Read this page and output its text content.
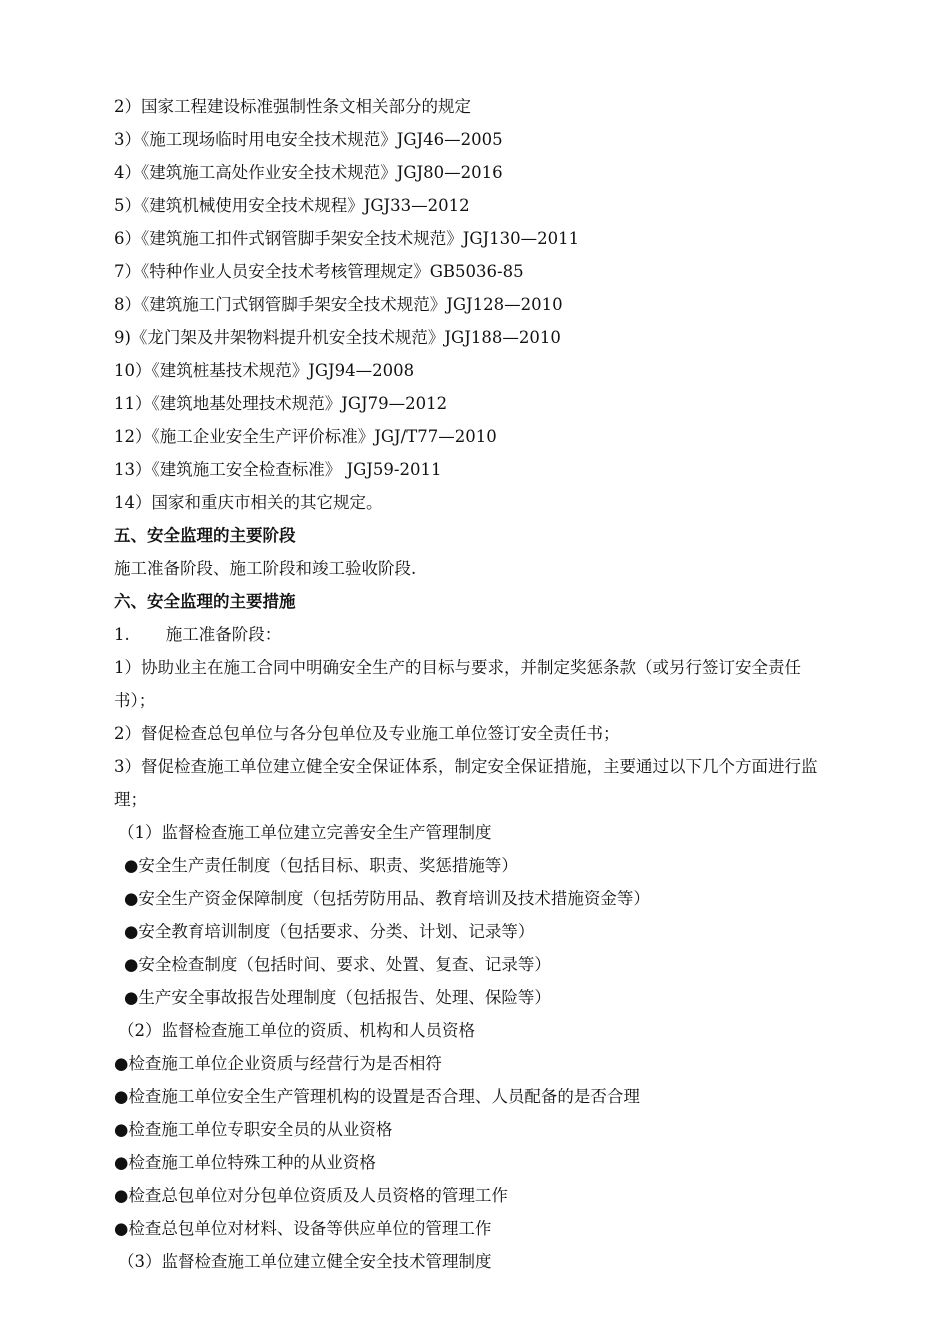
2）国家工程建设标准强制性条文相关部分的规定
3）《施工现场临时用电安全技术规范》JGJ46—2005
4）《建筑施工高处作业安全技术规范》JGJ80—2016
5）《建筑机械使用安全技术规程》JGJ33—2012
6）《建筑施工扣件式钢管脚手架安全技术规范》JGJ130—2011
7）《特种作业人员安全技术考核管理规定》GB5036-85
8）《建筑施工门式钢管脚手架安全技术规范》JGJ128—2010
9)《龙门架及井架物料提升机安全技术规范》JGJ188—2010
10）《建筑桩基技术规范》JGJ94—2008
11）《建筑地基处理技术规范》JGJ79—2012
12）《施工企业安全生产评价标准》JGJ/T77—2010
13）《建筑施工安全检查标准》 JGJ59-2011
14）国家和重庆市相关的其它规定。
五、安全监理的主要阶段
施工准备阶段、施工阶段和竣工验收阶段.
六、安全监理的主要措施
1. 施工准备阶段：
1）协助业主在施工合同中明确安全生产的目标与要求，并制定奖惩条款（或另行签订安全责任书）；
2）督促检查总包单位与各分包单位及专业施工单位签订安全责任书；
3）督促检查施工单位建立健全安全保证体系，制定安全保证措施，主要通过以下几个方面进行监理；
（1）监督检查施工单位建立完善安全生产管理制度
●安全生产责任制度（包括目标、职责、奖惩措施等）
●安全生产资金保障制度（包括劳防用品、教育培训及技术措施资金等）
●安全教育培训制度（包括要求、分类、计划、记录等）
●安全检查制度（包括时间、要求、处置、复查、记录等）
●生产安全事故报告处理制度（包括报告、处理、保险等）
（2）监督检查施工单位的资质、机构和人员资格
●检查施工单位企业资质与经营行为是否相符
●检查施工单位安全生产管理机构的设置是否合理、人员配备的是否合理
●检查施工单位专职安全员的从业资格
●检查施工单位特殊工种的从业资格
●检查总包单位对分包单位资质及人员资格的管理工作
●检查总包单位对材料、设备等供应单位的管理工作
（3）监督检查施工单位建立健全安全技术管理制度
